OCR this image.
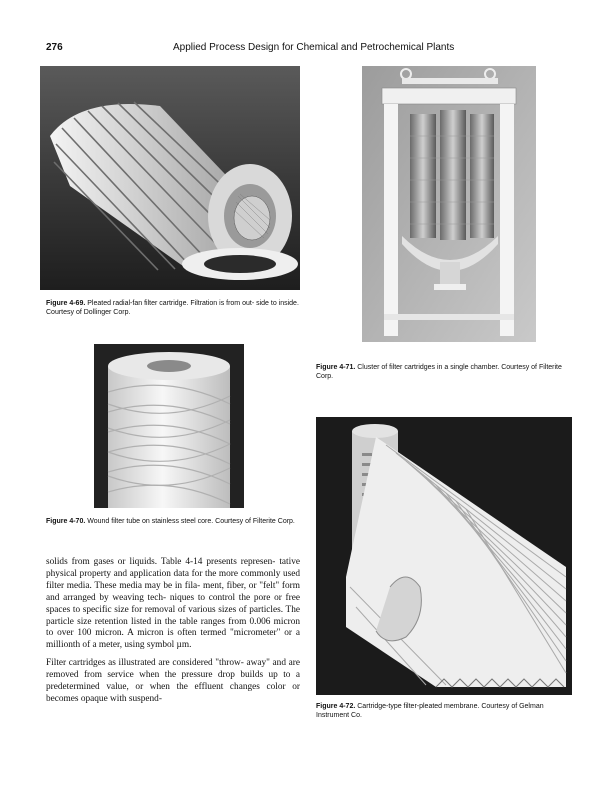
276	Applied Process Design for Chemical and Petrochemical Plants
Figure 4-69. Pleated radial-fan filter cartridge. Filtration is from out- side to inside. Courtesy of Dollinger Corp.
Figure 4-70. Wound filter tube on stainless steel core. Courtesy of Filterite Corp.
Figure 4-71. Cluster of filter cartridges in a single chamber. Courtesy of Filterite Corp.
Figure 4-72. Cartridge-type filter-pleated membrane. Courtesy of Gelman Instrument Co.

solids from gases or liquids. Table 4-14 presents represen- tative physical property and application data for the more commonly used filter media. These media may be in fila- ment, fiber, or "felt" form and arranged by weaving tech- niques to control the pore or free spaces to specific size for removal of various sizes of particles. The particle size retention listed in the table ranges from 0.006 micron to over 100 micron. A micron is often termed "micrometer" or a millionth of a meter, using symbol µm.

Filter cartridges as illustrated are considered "throw- away" and are removed from service when the pressure drop builds up to a predetermined value, or when the effluent changes color or becomes opaque with suspend-
